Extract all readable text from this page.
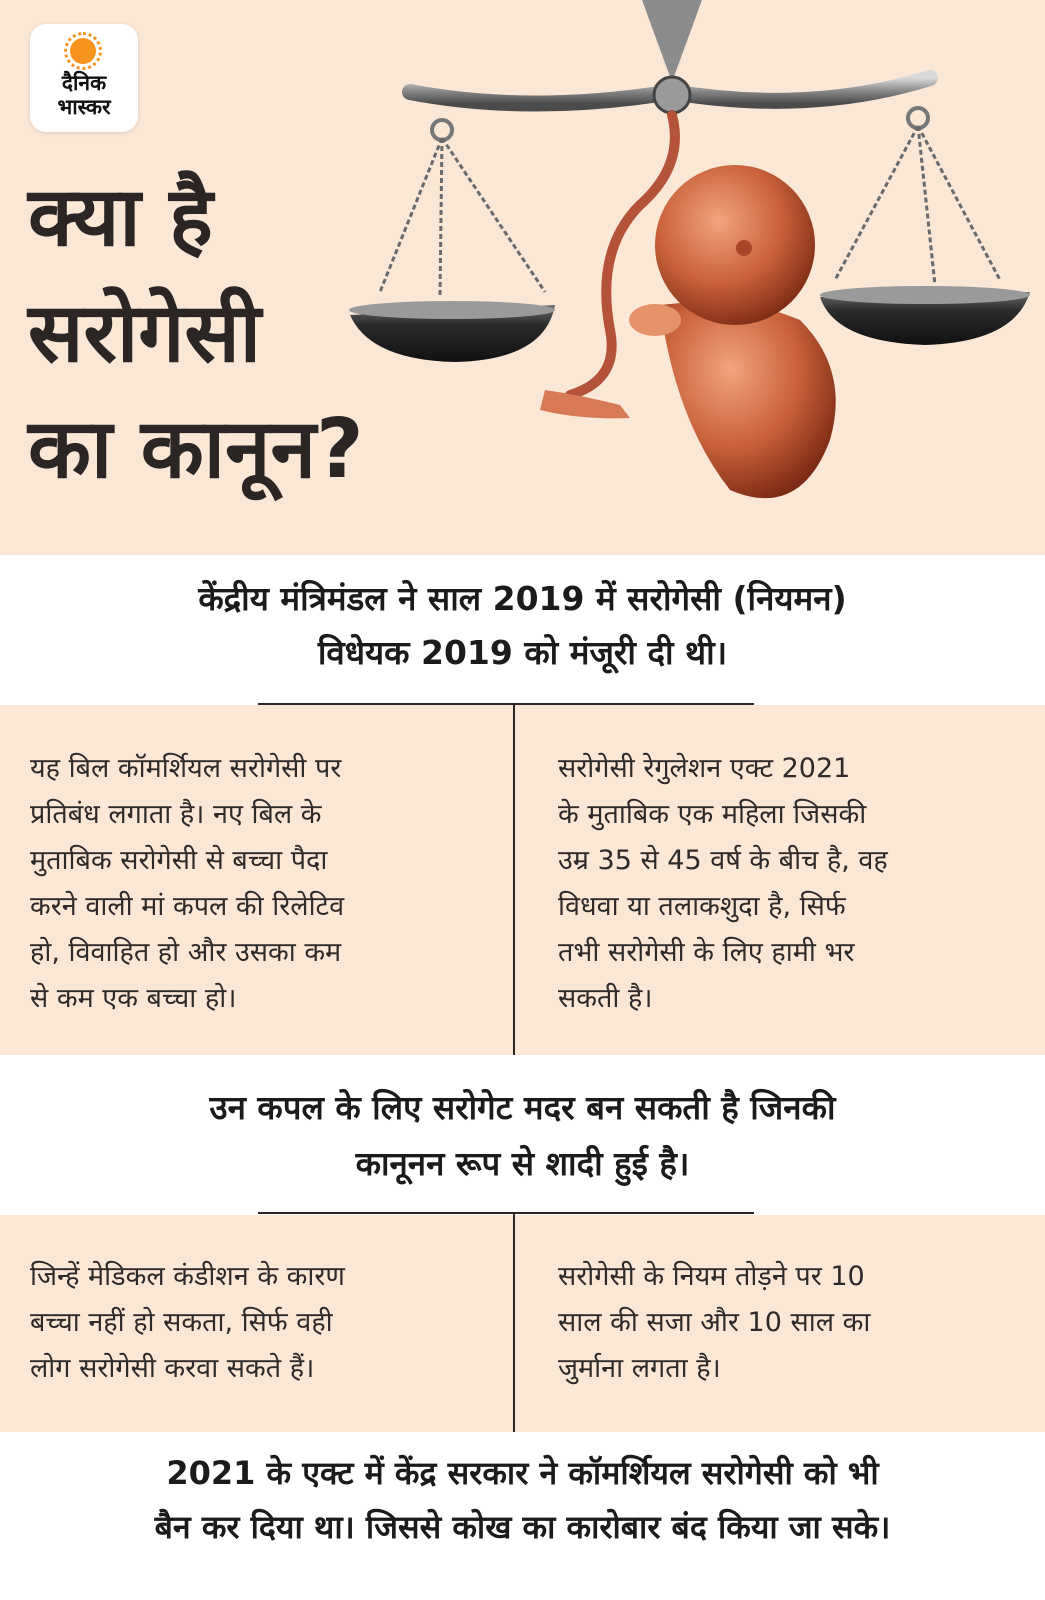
दैनिक
भास्कर
क्या है
सरोगेसी
का कानून?
केंद्रीय मंत्रिमंडल ने साल 2019 में सरोगेसी (नियमन)
विधेयक 2019 को मंजूरी दी थी।
यह बिल कॉमर्शियल सरोगेसी पर
प्रतिबंध लगाता है। नए बिल के
मुताबिक सरोगेसी से बच्चा पैदा
करने वाली मां कपल की रिलेटिव
हो, विवाहित हो और उसका कम
से कम एक बच्चा हो।
सरोगेसी रेगुलेशन एक्ट 2021
के मुताबिक एक महिला जिसकी
उम्र 35 से 45 वर्ष के बीच है, वह
विधवा या तलाकशुदा है, सिर्फ
तभी सरोगेसी के लिए हामी भर
सकती है।
उन कपल के लिए सरोगेट मदर बन सकती है जिनकी
कानूनन रूप से शादी हुई है।
जिन्हें मेडिकल कंडीशन के कारण
बच्चा नहीं हो सकता, सिर्फ वही
लोग सरोगेसी करवा सकते हैं।
सरोगेसी के नियम तोड़ने पर 10
साल की सजा और 10 साल का
जुर्माना लगता है।
2021 के एक्ट में केंद्र सरकार ने कॉमर्शियल सरोगेसी को भी
बैन कर दिया था। जिससे कोख का कारोबार बंद किया जा सके।
